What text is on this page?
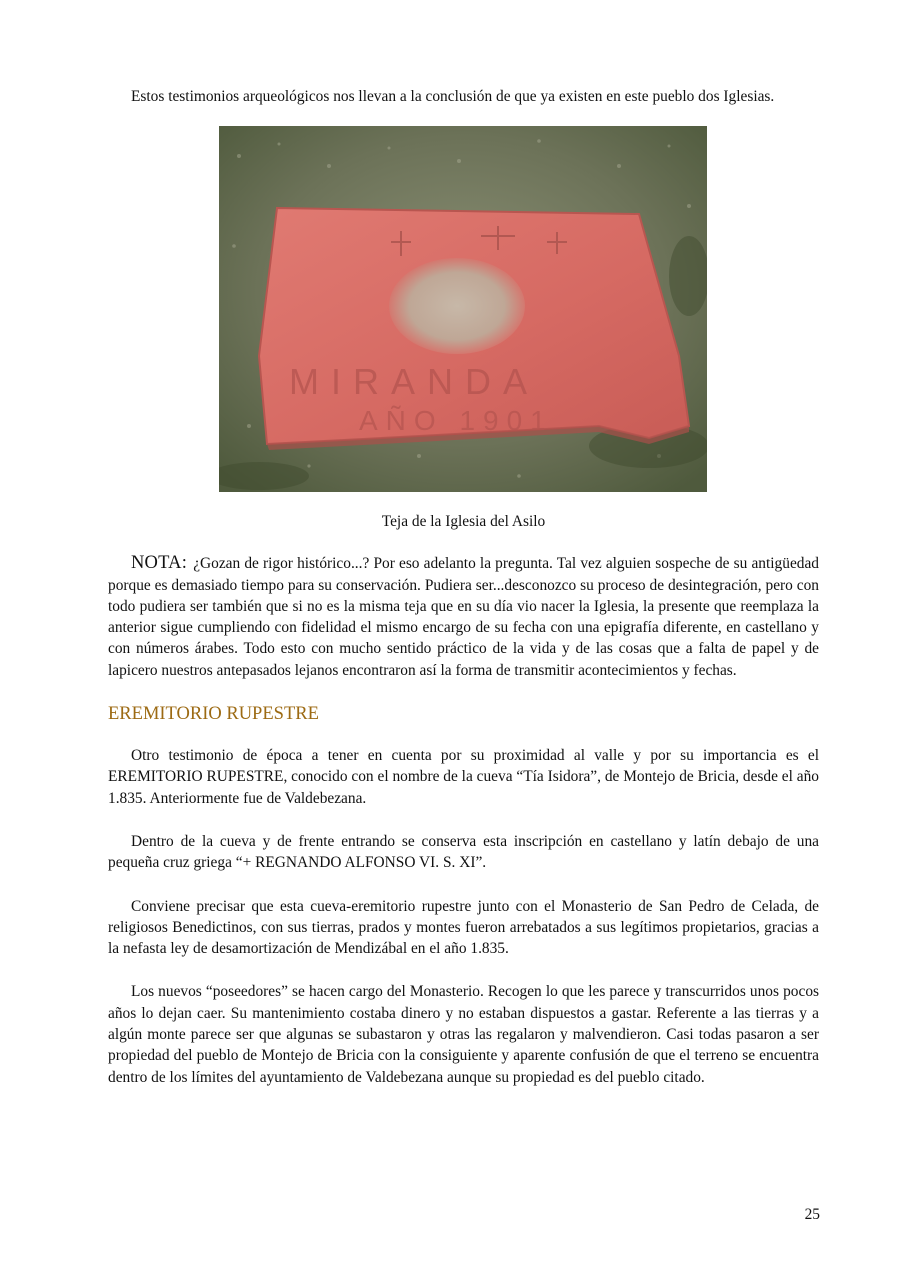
Estos testimonios arqueológicos nos llevan a la conclusión de que ya existen en este pueblo dos Iglesias.

MIRANDA
AÑO 1901
Teja de la Iglesia del Asilo

NOTA: ¿Gozan de rigor histórico...? Por eso adelanto la pregunta. Tal vez alguien sospeche de su antigüedad porque es demasiado tiempo para su conservación. Pudiera ser...desconozco su proceso de desintegración, pero con todo pudiera ser también que si no es la misma teja que en su día vio nacer la Iglesia, la presente que reemplaza la anterior sigue cumpliendo con fidelidad el mismo encargo de su fecha con una epigrafía diferente, en castellano y con números árabes. Todo esto con mucho sentido práctico de la vida y de las cosas que a falta de papel y de lapicero nuestros antepasados lejanos encontraron así la forma de transmitir acontecimientos y fechas.

EREMITORIO RUPESTRE

Otro testimonio de época a tener en cuenta por su proximidad al valle y por su importancia es el EREMITORIO RUPESTRE, conocido con el nombre de la cueva “Tía Isidora”, de Montejo de Bricia, desde el año 1.835. Anteriormente fue de Valdebezana.

Dentro de la cueva y de frente entrando se conserva esta inscripción en castellano y latín debajo de una pequeña cruz griega “+ REGNANDO ALFONSO VI. S. XI”.

Conviene precisar que esta cueva-eremitorio rupestre junto con el Monasterio de San Pedro de Celada, de religiosos Benedictinos, con sus tierras, prados y montes fueron arrebatados a sus legítimos propietarios, gracias a la nefasta ley de desamortización de Mendizábal en el año 1.835.

Los nuevos “poseedores” se hacen cargo del Monasterio. Recogen lo que les parece y transcurridos unos pocos años lo dejan caer. Su mantenimiento costaba dinero y no estaban dispuestos a gastar. Referente a las tierras y a algún monte parece ser que algunas se subastaron y otras las regalaron y malvendieron. Casi todas pasaron a ser propiedad del pueblo de Montejo de Bricia con la consiguiente y aparente confusión de que el terreno se encuentra dentro de los límites del ayuntamiento de Valdebezana aunque su propiedad es del pueblo citado.

25
